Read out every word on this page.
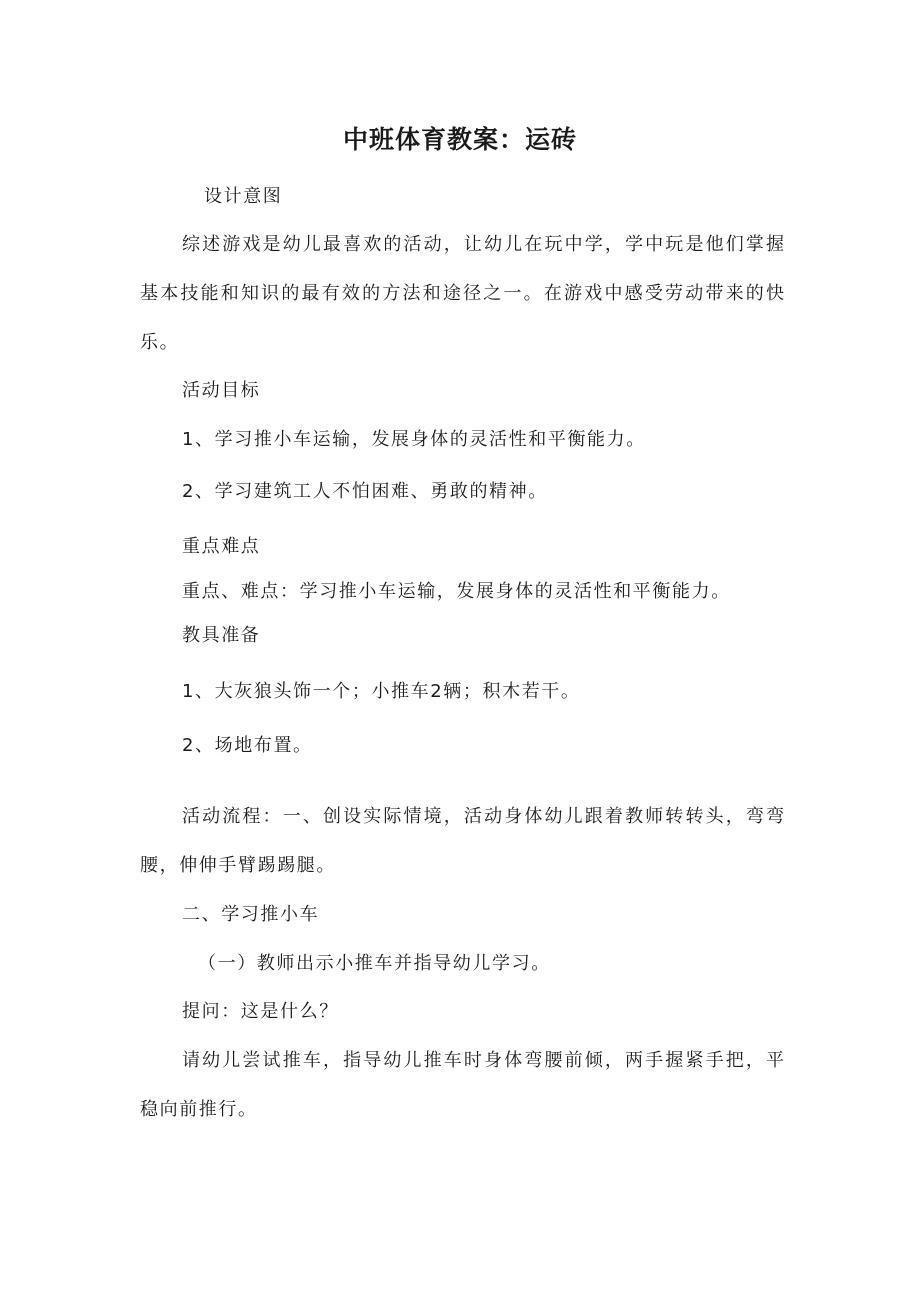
中班体育教案：运砖
设计意图
综述游戏是幼儿最喜欢的活动，让幼儿在玩中学，学中玩是他们掌握
基本技能和知识的最有效的方法和途径之一。在游戏中感受劳动带来的快
乐。
活动目标
1、学习推小车运输，发展身体的灵活性和平衡能力。
2、学习建筑工人不怕困难、勇敢的精神。
重点难点
重点、难点：学习推小车运输，发展身体的灵活性和平衡能力。
教具准备
1、大灰狼头饰一个；小推车2辆；积木若干。
2、场地布置。
活动流程：一、创设实际情境，活动身体幼儿跟着教师转转头，弯弯
腰，伸伸手臂踢踢腿。
二、学习推小车
（一）教师出示小推车并指导幼儿学习。
提问：这是什么？
请幼儿尝试推车，指导幼儿推车时身体弯腰前倾，两手握紧手把，平
稳向前推行。
